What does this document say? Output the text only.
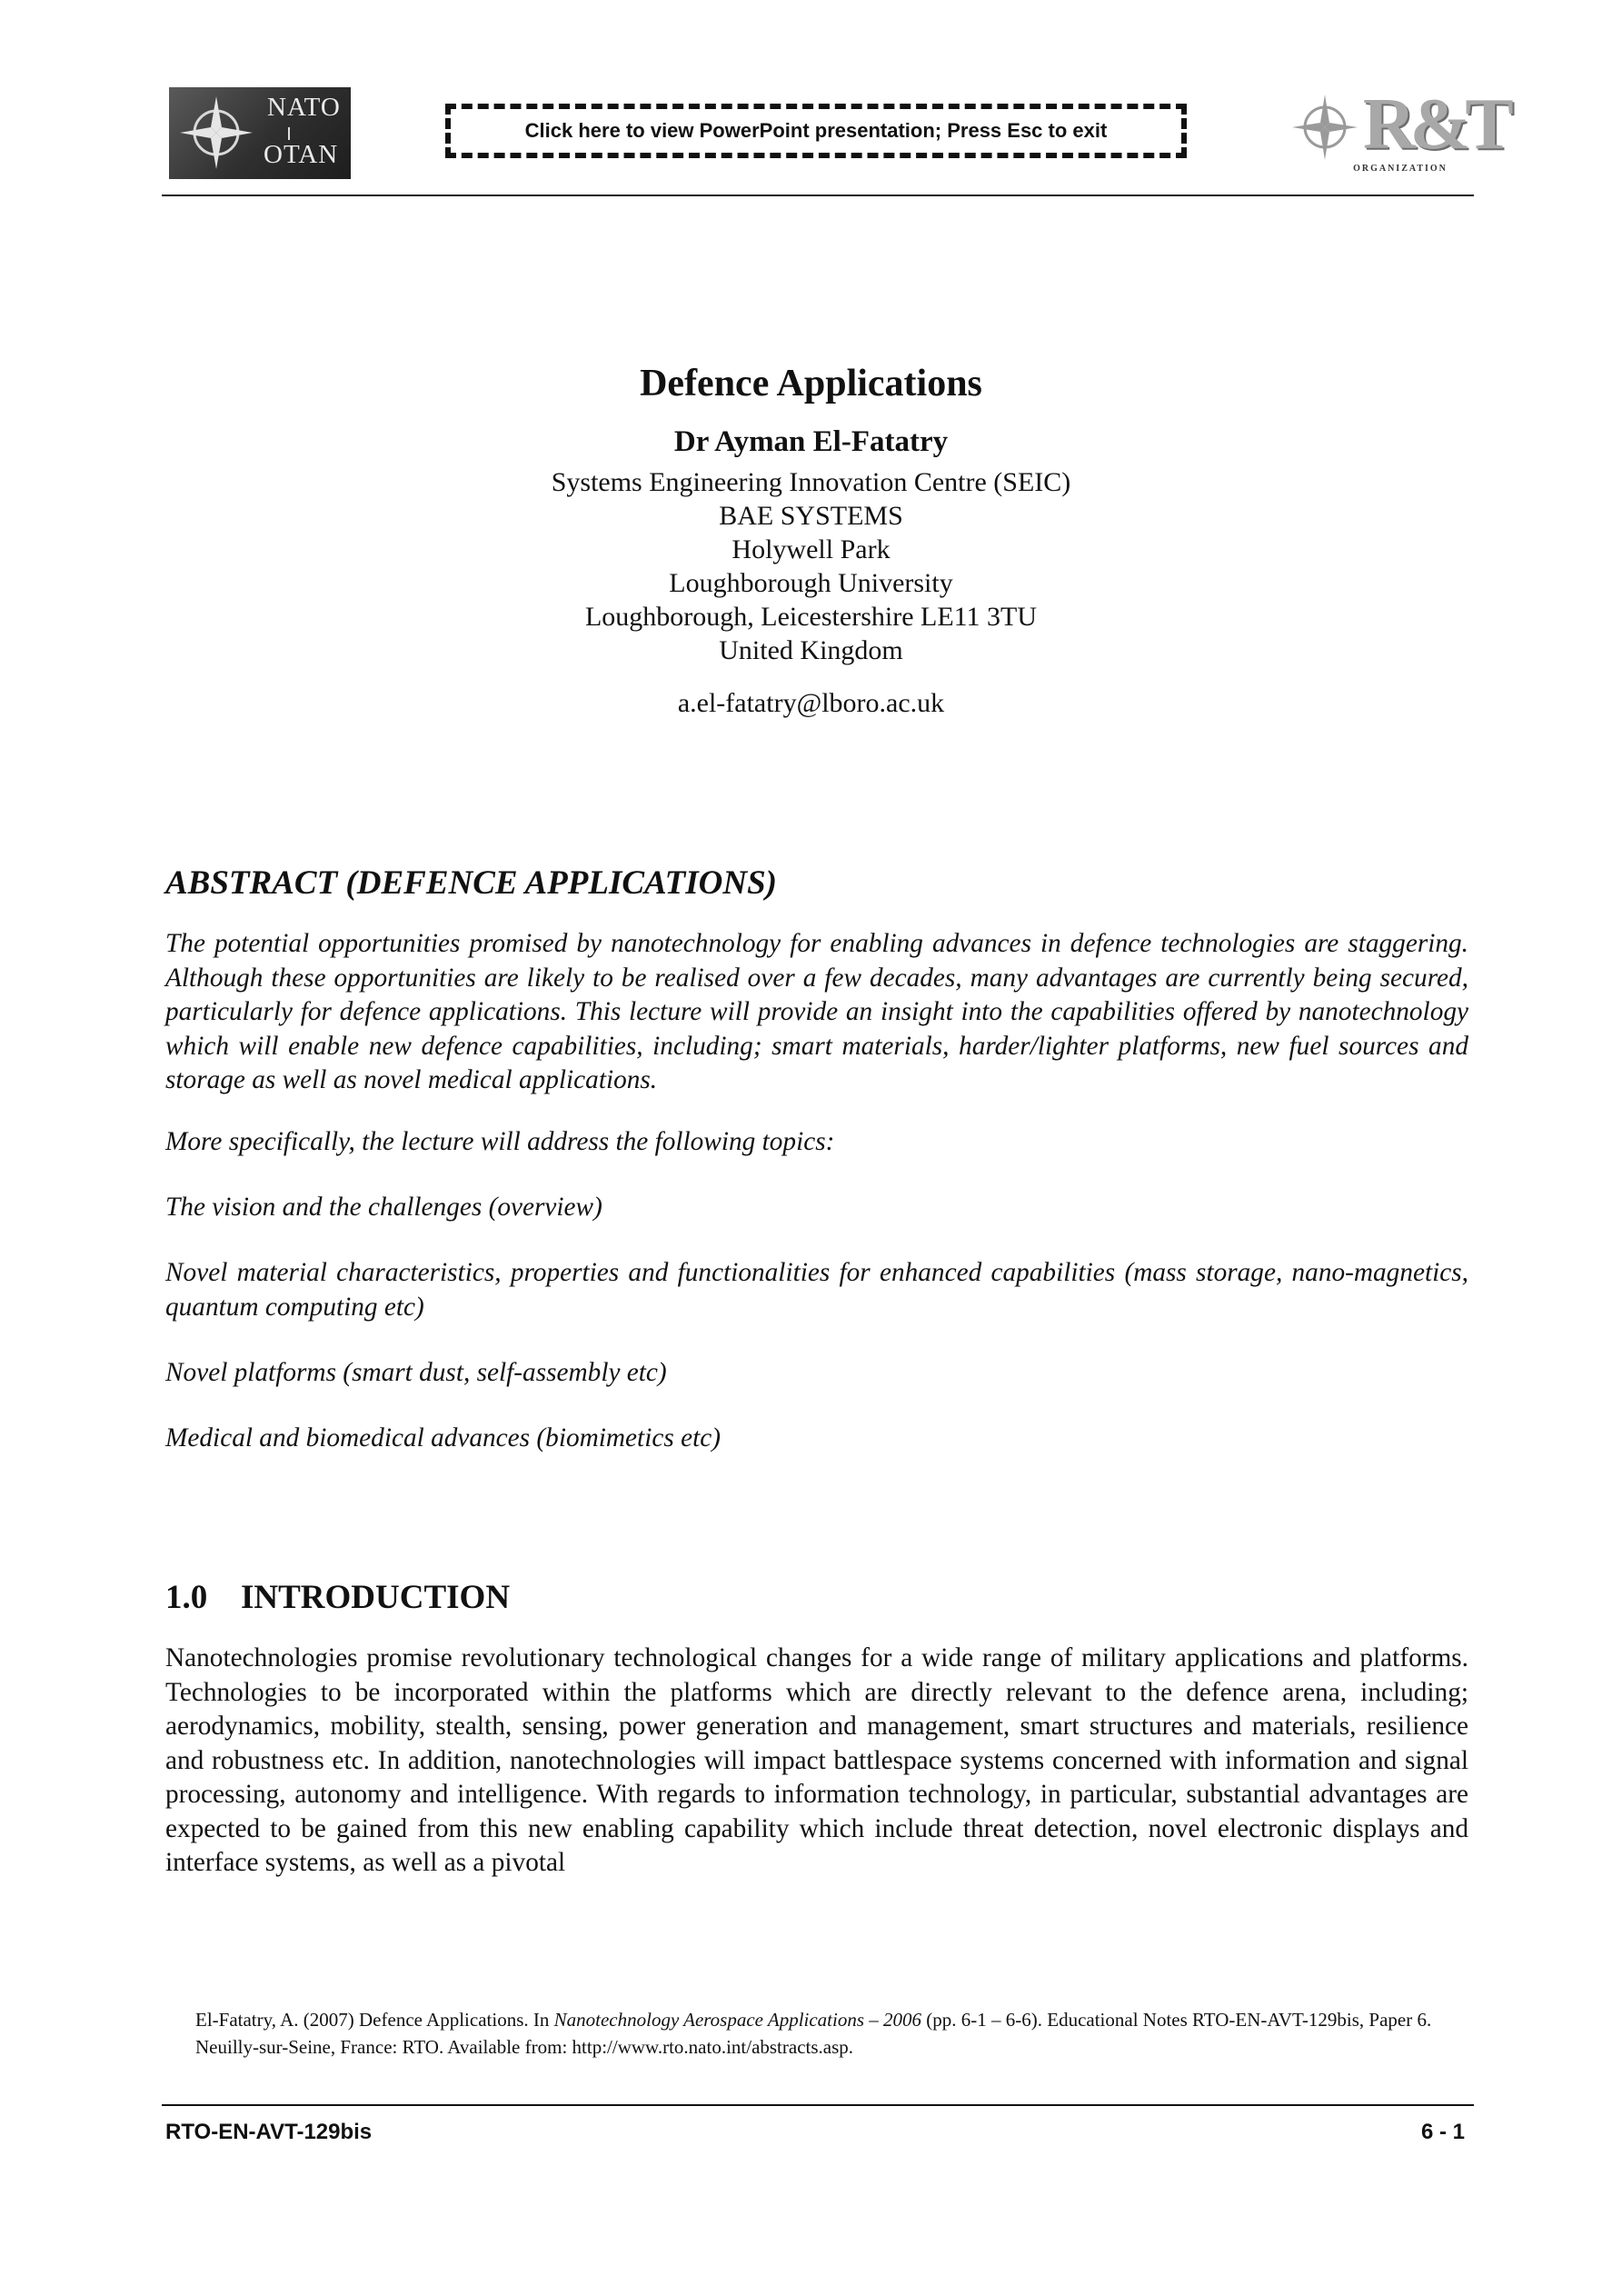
NATO
OTAN
Click here to view PowerPoint presentation; Press Esc to exit	R&T
ORGANIZATION
Defence Applications
Dr Ayman El-Fatatry
Systems Engineering Innovation Centre (SEIC)
BAE SYSTEMS
Holywell Park
Loughborough University
Loughborough, Leicestershire LE11 3TU
United Kingdom
a.el-fatatry@lboro.ac.uk
ABSTRACT (DEFENCE APPLICATIONS)

The potential opportunities promised by nanotechnology for enabling advances in defence technologies are staggering. Although these opportunities are likely to be realised over a few decades, many advantages are currently being secured, particularly for defence applications. This lecture will provide an insight into the capabilities offered by nanotechnology which will enable new defence capabilities, including; smart materials, harder/lighter platforms, new fuel sources and storage as well as novel medical applications.

More specifically, the lecture will address the following topics:

The vision and the challenges (overview)

Novel material characteristics, properties and functionalities for enhanced capabilities (mass storage, nano-magnetics, quantum computing etc)

Novel platforms (smart dust, self-assembly etc)

Medical and biomedical advances (biomimetics etc)

1.0 INTRODUCTION

Nanotechnologies promise revolutionary technological changes for a wide range of military applications and platforms. Technologies to be incorporated within the platforms which are directly relevant to the defence arena, including; aerodynamics, mobility, stealth, sensing, power generation and management, smart structures and materials, resilience and robustness etc. In addition, nanotechnologies will impact battlespace systems concerned with information and signal processing, autonomy and intelligence. With regards to information technology, in particular, substantial advantages are expected to be gained from this new enabling capability which include threat detection, novel electronic displays and interface systems, as well as a pivotal

El-Fatatry, A. (2007) Defence Applications. In Nanotechnology Aerospace Applications – 2006 (pp. 6-1 – 6-6). Educational Notes RTO-EN-AVT-129bis, Paper 6. Neuilly-sur-Seine, France: RTO. Available from: http://www.rto.nato.int/abstracts.asp.
RTO-EN-AVT-129bis	6 - 1
